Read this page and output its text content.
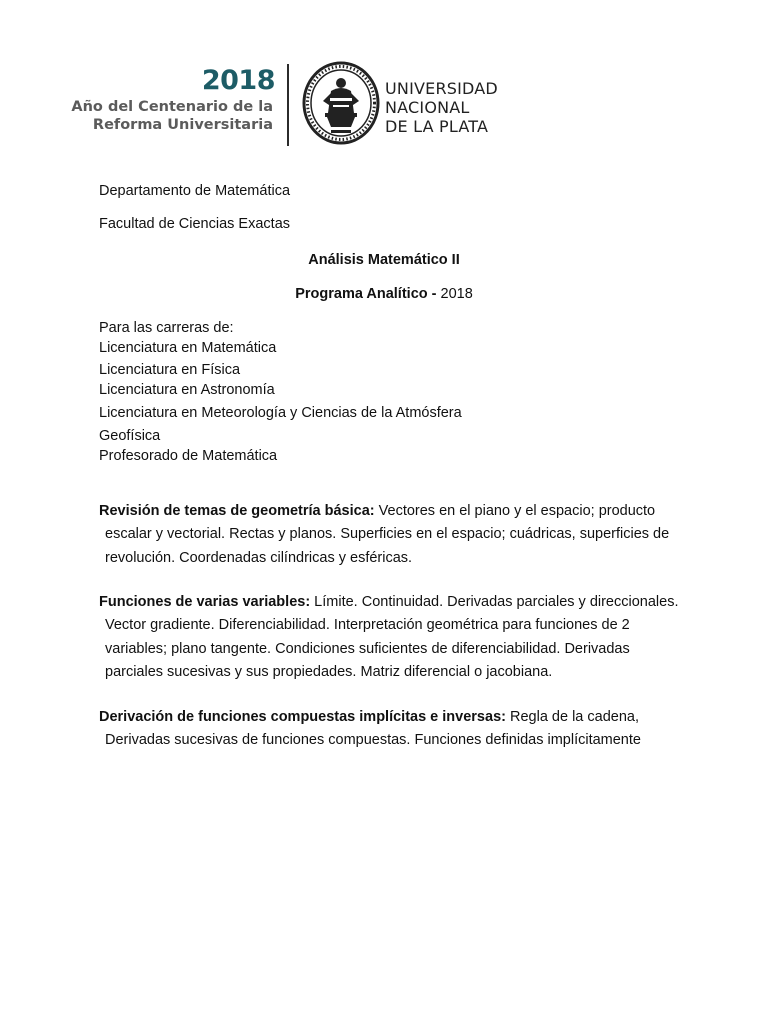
2018
Año del Centenario de la
Reforma Universitaria
UNIVERSIDAD
NACIONAL
DE LA PLATA
Departamento de Matemática
Facultad de Ciencias Exactas
Análisis Matemático II
Programa Analítico - 2018
Para las carreras de:
Licenciatura en Matemática
Licenciatura en Física
Licenciatura en Astronomía
Licenciatura en Meteorología y Ciencias de la Atmósfera
Geofísica
Profesorado de Matemática
Revisión de temas de geometría básica: Vectores en el piano y el espacio; producto
escalar y vectorial. Rectas y planos. Superficies en el espacio; cuádricas, superficies de
revolución. Coordenadas cilíndricas y esféricas.
Funciones de varias variables: Límite. Continuidad. Derivadas parciales y direccionales.
Vector gradiente. Diferenciabilidad. Interpretación geométrica para funciones de 2
variables; plano tangente. Condiciones suficientes de diferenciabilidad. Derivadas
parciales sucesivas y sus propiedades. Matriz diferencial o jacobiana.
Derivación de funciones compuestas implícitas e inversas: Regla de la cadena,
Derivadas sucesivas de funciones compuestas. Funciones definidas implícitamente
